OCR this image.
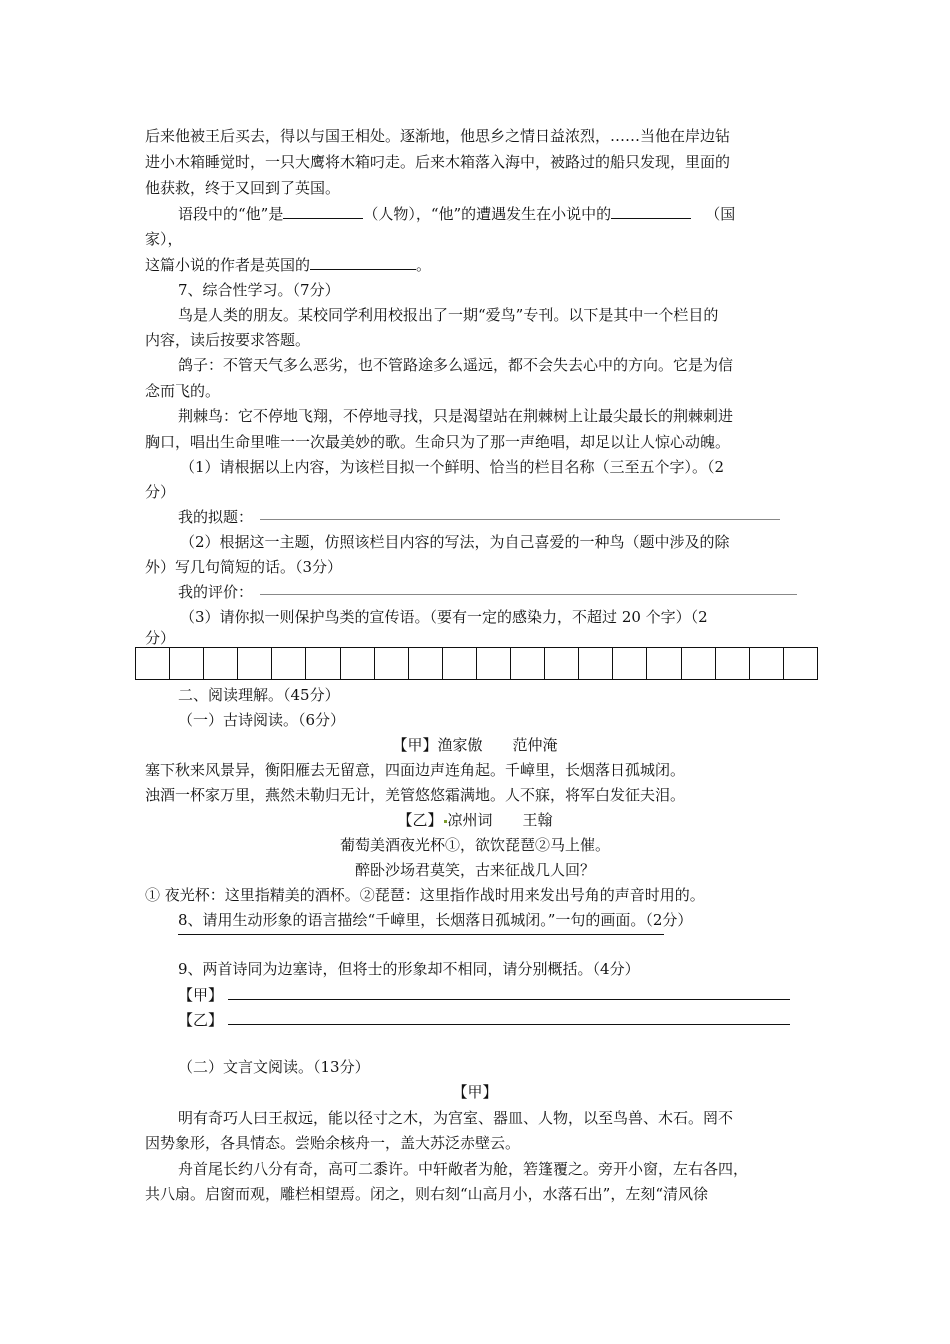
后来他被王后买去，得以与国王相处。逐渐地，他思乡之情日益浓烈，……当他在岸边钻
进小木箱睡觉时，一只大鹰将木箱叼走。后来木箱落入海中，被路过的船只发现，里面的
他获救，终于又回到了英国。
语段中的“他”是	（人物），“他”的遭遇发生在小说中的	（国
家），
这篇小说的作者是英国的	。
7、综合性学习。（7分）
鸟是人类的朋友。某校同学利用校报出了一期“爱鸟”专刊。以下是其中一个栏目的
内容，读后按要求答题。
鸽子：不管天气多么恶劣，也不管路途多么遥远，都不会失去心中的方向。它是为信
念而飞的。
荆棘鸟：它不停地飞翔，不停地寻找，只是渴望站在荆棘树上让最尖最长的荆棘刺进
胸口，唱出生命里唯一一次最美妙的歌。生命只为了那一声绝唱，却足以让人惊心动魄。
（1）请根据以上内容，为该栏目拟一个鲜明、恰当的栏目名称（三至五个字）。（2
分）
我的拟题：
（2）根据这一主题，仿照该栏目内容的写法，为自己喜爱的一种鸟（题中涉及的除
外）写几句简短的话。（3分）
我的评价：
（3）请你拟一则保护鸟类的宣传语。（要有一定的感染力，不超过 20 个字）（2
分）
二、阅读理解。（45分）
（一）古诗阅读。（6分）
【甲】渔家傲　　范仲淹
塞下秋来风景异，衡阳雁去无留意，四面边声连角起。千嶂里，长烟落日孤城闭。
浊酒一杯家万里，燕然未勒归无计，羌管悠悠霜满地。人不寐，将军白发征夫泪。
【乙】 凉州词　　王翰
葡萄美酒夜光杯①，欲饮琵琶②马上催。
醉卧沙场君莫笑，古来征战几人回？
① 夜光杯：这里指精美的酒杯。②琵琶：这里指作战时用来发出号角的声音时用的。
8、请用生动形象的语言描绘“千嶂里，长烟落日孤城闭。”一句的画面。（2分）
9、两首诗同为边塞诗，但将士的形象却不相同，请分别概括。（4分）
【甲】
【乙】
（二）文言文阅读。（13分）
【甲】
明有奇巧人曰王叔远，能以径寸之木，为宫室、器皿、人物，以至鸟兽、木石。罔不
因势象形，各具情态。尝贻余核舟一，盖大苏泛赤壁云。
舟首尾长约八分有奇，高可二黍许。中轩敞者为舱，箬篷覆之。旁开小窗，左右各四，
共八扇。启窗而观，雕栏相望焉。闭之，则右刻“山高月小，水落石出”，左刻“清风徐
